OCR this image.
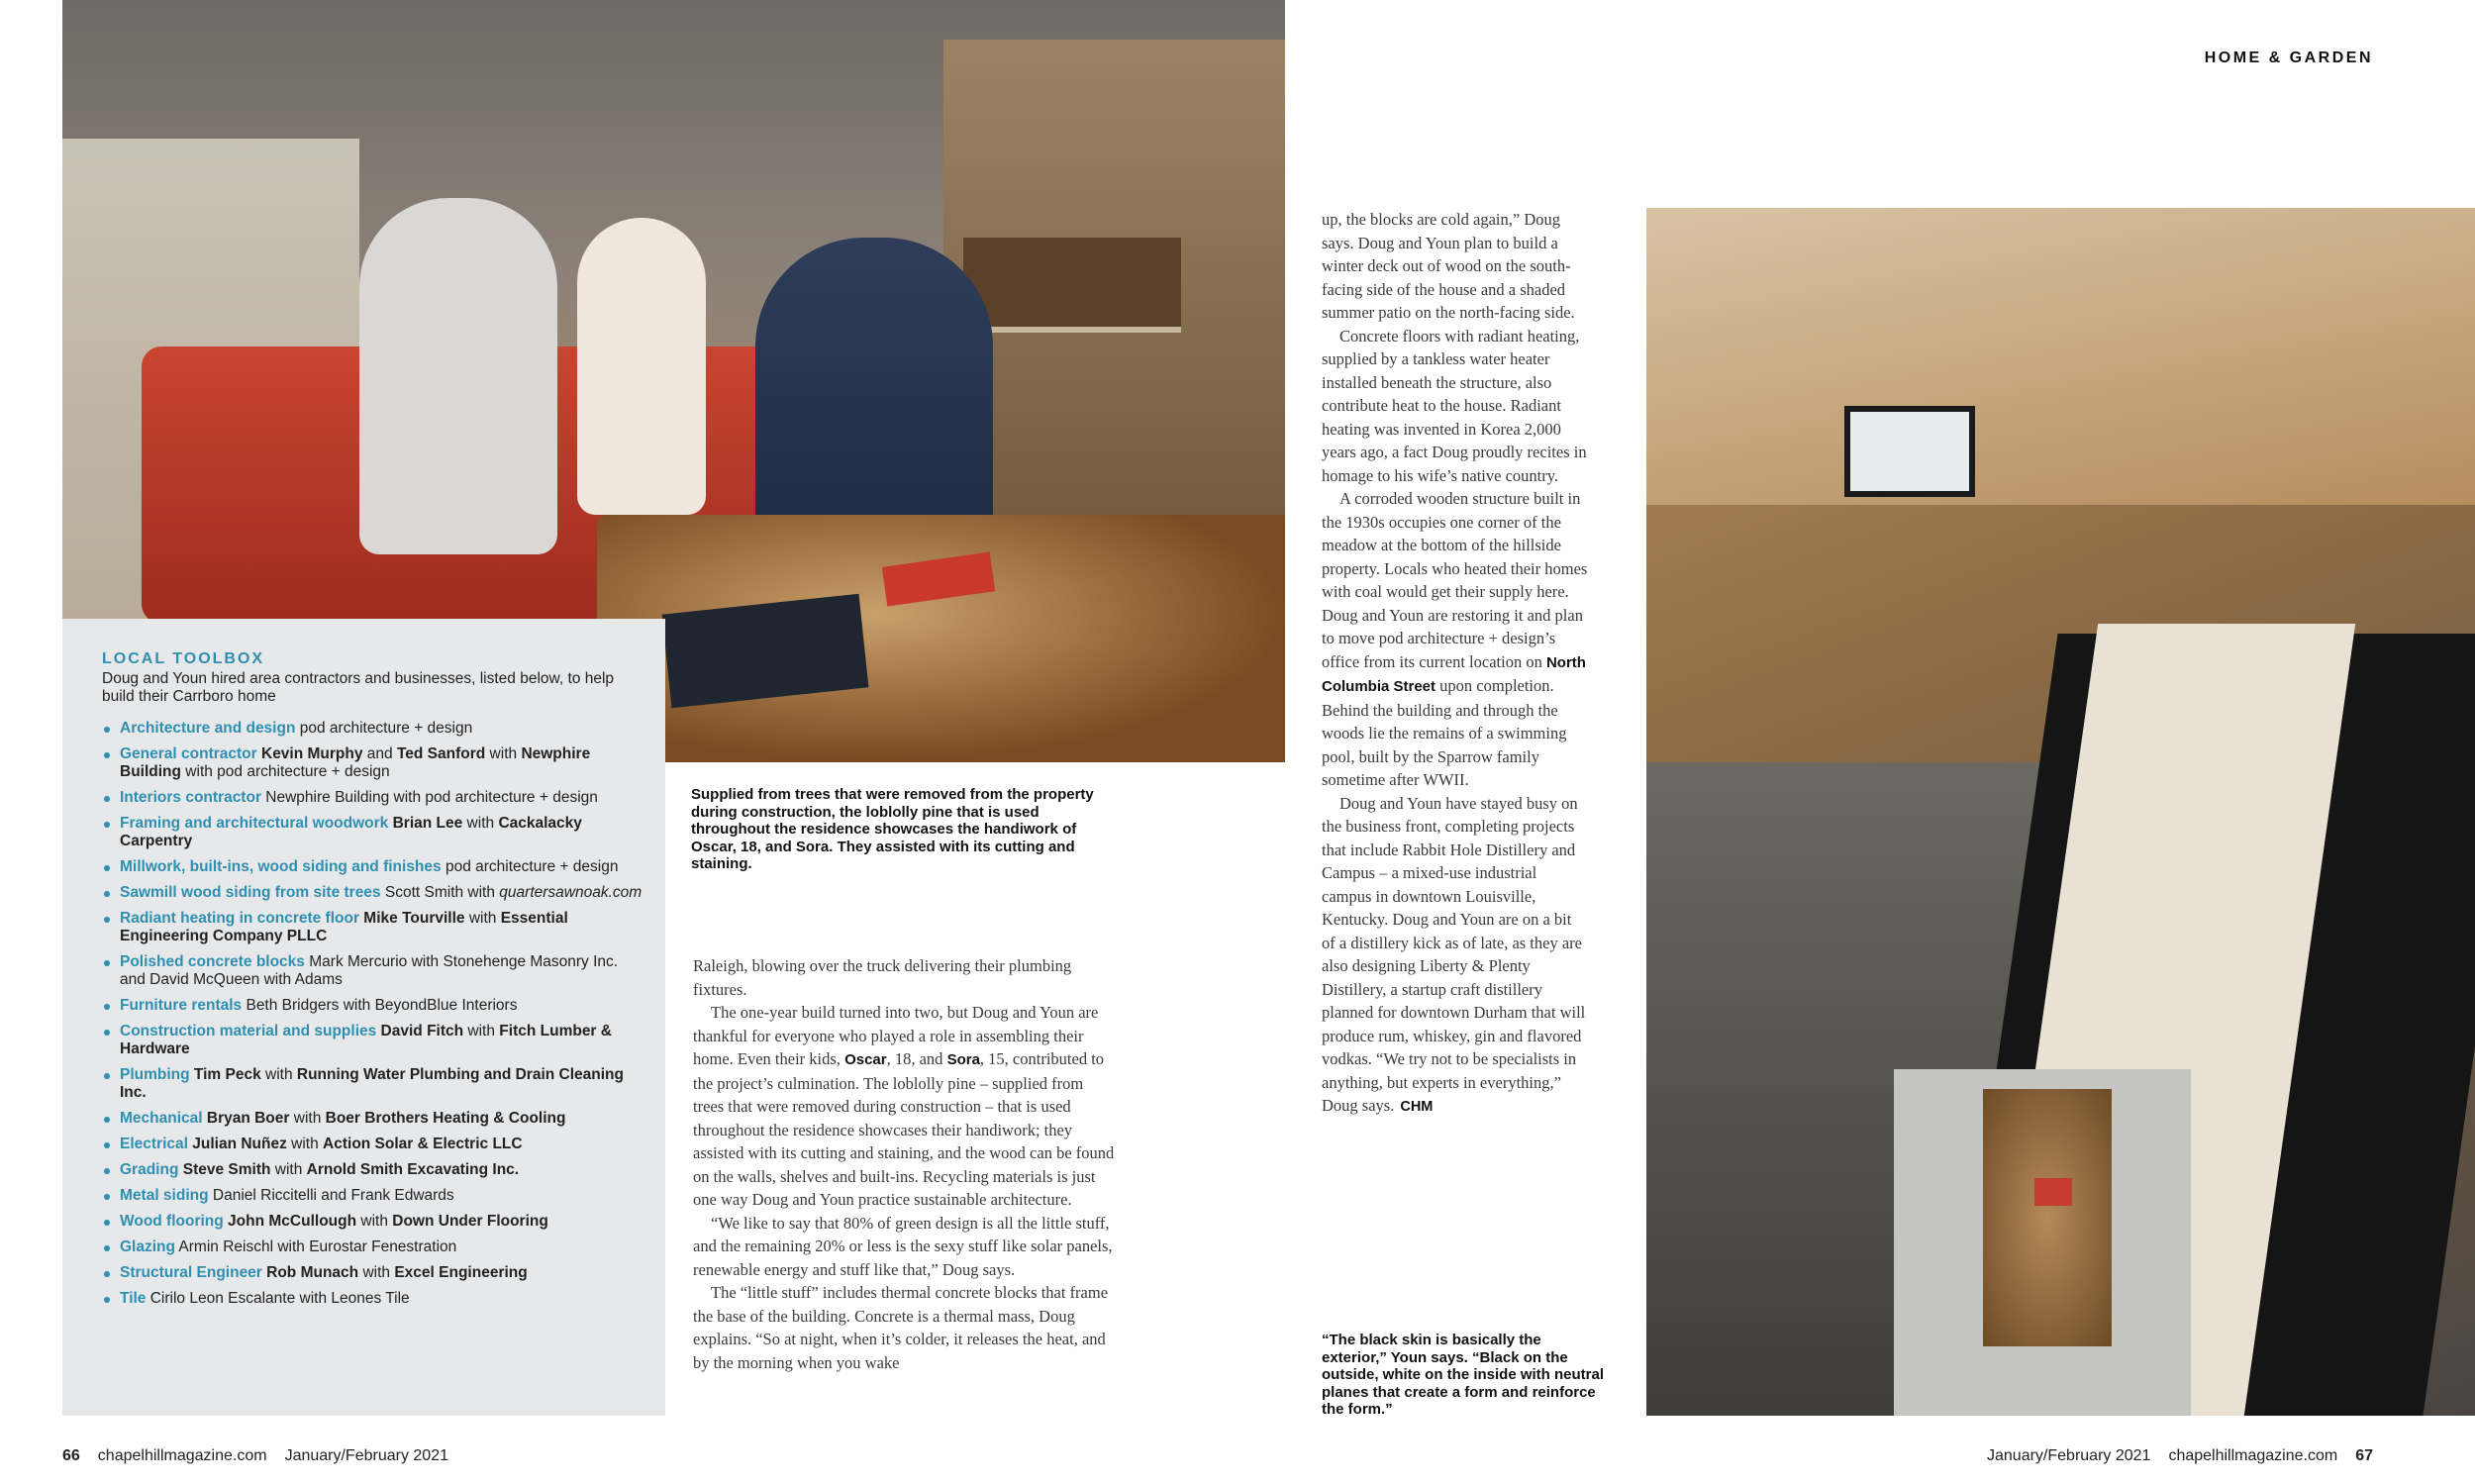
HOME & GARDEN
LOCAL TOOLBOX
Doug and Youn hired area contractors and businesses, listed below, to help build their Carrboro home
Architecture and design pod architecture + design
General contractor Kevin Murphy and Ted Sanford with Newphire Building with pod architecture + design
Interiors contractor Newphire Building with pod architecture + design
Framing and architectural woodwork Brian Lee with Cackalacky Carpentry
Millwork, built-ins, wood siding and finishes pod architecture + design
Sawmill wood siding from site trees Scott Smith with quartersawnoak.com
Radiant heating in concrete floor Mike Tourville with Essential Engineering Company PLLC
Polished concrete blocks Mark Mercurio with Stonehenge Masonry Inc. and David McQueen with Adams
Furniture rentals Beth Bridgers with BeyondBlue Interiors
Construction material and supplies David Fitch with Fitch Lumber & Hardware
Plumbing Tim Peck with Running Water Plumbing and Drain Cleaning Inc.
Mechanical Bryan Boer with Boer Brothers Heating & Cooling
Electrical Julian Nuñez with Action Solar & Electric LLC
Grading Steve Smith with Arnold Smith Excavating Inc.
Metal siding Daniel Riccitelli and Frank Edwards
Wood flooring John McCullough with Down Under Flooring
Glazing Armin Reischl with Eurostar Fenestration
Structural Engineer Rob Munach with Excel Engineering
Tile Cirilo Leon Escalante with Leones Tile
Supplied from trees that were removed from the property during construction, the loblolly pine that is used throughout the residence showcases the handiwork of Oscar, 18, and Sora. They assisted with its cutting and staining.
“The black skin is basically the exterior,” Youn says. “Black on the outside, white on the inside with neutral planes that create a form and reinforce the form.”

Raleigh, blowing over the truck delivering their plumbing fixtures.

The one-year build turned into two, but Doug and Youn are thankful for everyone who played a role in assembling their home. Even their kids, Oscar, 18, and Sora, 15, contributed to the project’s culmination. The loblolly pine – supplied from trees that were removed during construction – that is used throughout the residence showcases their handiwork; they assisted with its cutting and staining, and the wood can be found on the walls, shelves and built-ins. Recycling materials is just one way Doug and Youn practice sustainable architecture.

“We like to say that 80% of green design is all the little stuff, and the remaining 20% or less is the sexy stuff like solar panels, renewable energy and stuff like that,” Doug says.

The “little stuff” includes thermal concrete blocks that frame the base of the building. Concrete is a thermal mass, Doug explains. “So at night, when it’s colder, it releases the heat, and by the morning when you wake

up, the blocks are cold again,” Doug says. Doug and Youn plan to build a winter deck out of wood on the south-facing side of the house and a shaded summer patio on the north-facing side.

Concrete floors with radiant heating, supplied by a tankless water heater installed beneath the structure, also contribute heat to the house. Radiant heating was invented in Korea 2,000 years ago, a fact Doug proudly recites in homage to his wife’s native country.

A corroded wooden structure built in the 1930s occupies one corner of the meadow at the bottom of the hillside property. Locals who heated their homes with coal would get their supply here. Doug and Youn are restoring it and plan to move pod architecture + design’s office from its current location on North Columbia Street upon completion. Behind the building and through the woods lie the remains of a swimming pool, built by the Sparrow family sometime after WWII.

Doug and Youn have stayed busy on the business front, completing projects that include Rabbit Hole Distillery and Campus – a mixed-use industrial campus in downtown Louisville, Kentucky. Doug and Youn are on a bit of a distillery kick as of late, as they are also designing Liberty & Plenty Distillery, a startup craft distillery planned for downtown Durham that will produce rum, whiskey, gin and flavored vodkas. “We try not to be specialists in anything, but experts in everything,” Doug says. CHM

66 chapelhillmagazine.com January/February 2021	January/February 2021 chapelhillmagazine.com 67
